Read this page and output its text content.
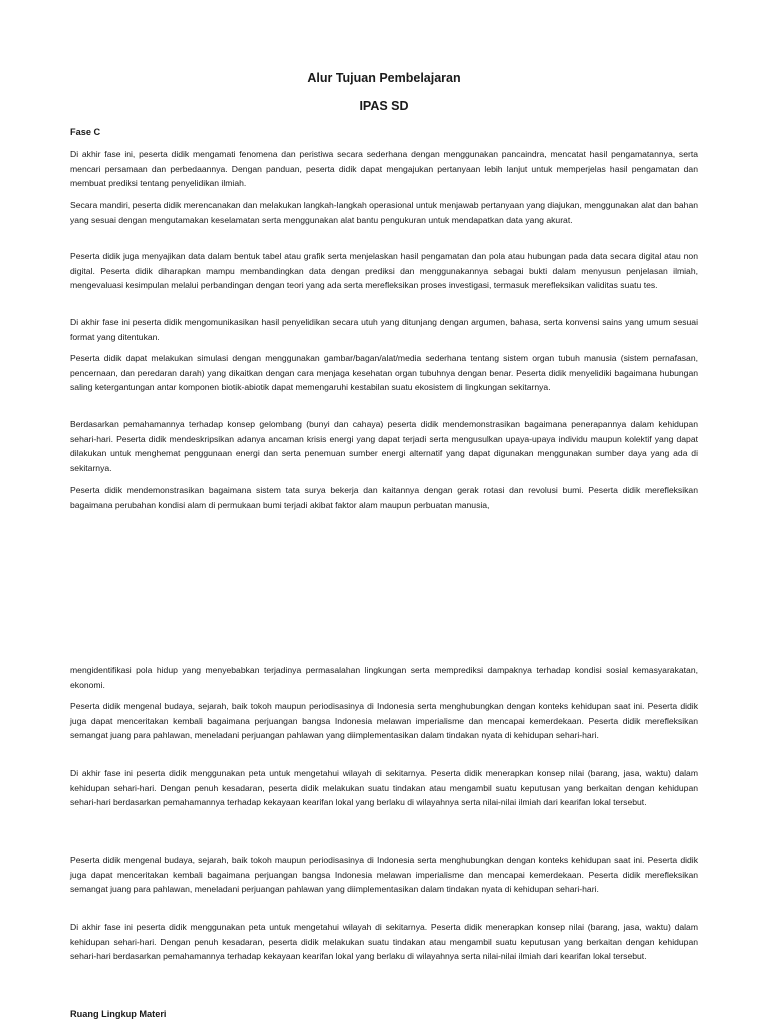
Alur Tujuan Pembelajaran
IPAS SD
Fase C

Di akhir fase ini, peserta didik mengamati fenomena dan peristiwa secara sederhana dengan menggunakan pancaindra, mencatat hasil pengamatannya, serta mencari persamaan dan perbedaannya. Dengan panduan, peserta didik dapat mengajukan pertanyaan lebih lanjut untuk memperjelas hasil pengamatan dan membuat prediksi tentang penyelidikan ilmiah.

Secara mandiri, peserta didik merencanakan dan melakukan langkah-langkah operasional untuk menjawab pertanyaan yang diajukan, menggunakan alat dan bahan yang sesuai dengan mengutamakan keselamatan serta menggunakan alat bantu pengukuran untuk mendapatkan data yang akurat.

Peserta didik juga menyajikan data dalam bentuk tabel atau grafik serta menjelaskan hasil pengamatan dan pola atau hubungan pada data secara digital atau non digital. Peserta didik diharapkan mampu membandingkan data dengan prediksi dan menggunakannya sebagai bukti dalam menyusun penjelasan ilmiah, mengevaluasi kesimpulan melalui perbandingan dengan teori yang ada serta merefleksikan proses investigasi, termasuk merefleksikan validitas suatu tes.

Di akhir fase ini peserta didik mengomunikasikan hasil penyelidikan secara utuh yang ditunjang dengan argumen, bahasa, serta konvensi sains yang umum sesuai format yang ditentukan.

Peserta didik dapat melakukan simulasi dengan menggunakan gambar/bagan/alat/media sederhana tentang sistem organ tubuh manusia (sistem pernafasan, pencernaan, dan peredaran darah) yang dikaitkan dengan cara menjaga kesehatan organ tubuhnya dengan benar. Peserta didik menyelidiki bagaimana hubungan saling ketergantungan antar komponen biotik-abiotik dapat memengaruhi kestabilan suatu ekosistem di lingkungan sekitarnya.

Berdasarkan pemahamannya terhadap konsep gelombang (bunyi dan cahaya) peserta didik mendemonstrasikan bagaimana penerapannya dalam kehidupan sehari-hari. Peserta didik mendeskripsikan adanya ancaman krisis energi yang dapat terjadi serta mengusulkan upaya-upaya individu maupun kolektif yang dapat dilakukan untuk menghemat penggunaan energi dan serta penemuan sumber energi alternatif yang dapat digunakan menggunakan sumber daya yang ada di sekitarnya.

Peserta didik mendemonstrasikan bagaimana sistem tata surya bekerja dan kaitannya dengan gerak rotasi dan revolusi bumi. Peserta didik merefleksikan bagaimana perubahan kondisi alam di permukaan bumi terjadi akibat faktor alam maupun perbuatan manusia,

mengidentifikasi pola hidup yang menyebabkan terjadinya permasalahan lingkungan serta memprediksi dampaknya terhadap kondisi sosial kemasyarakatan, ekonomi.

Peserta didik mengenal budaya, sejarah, baik tokoh maupun periodisasinya di Indonesia serta menghubungkan dengan konteks kehidupan saat ini. Peserta didik juga dapat menceritakan kembali bagaimana perjuangan bangsa Indonesia melawan imperialisme dan mencapai kemerdekaan. Peserta didik merefleksikan semangat juang para pahlawan, meneladani perjuangan pahlawan yang diimplementasikan dalam tindakan nyata di kehidupan sehari-hari.

Di akhir fase ini peserta didik menggunakan peta untuk mengetahui wilayah di sekitarnya. Peserta didik menerapkan konsep nilai (barang, jasa, waktu) dalam kehidupan sehari-hari. Dengan penuh kesadaran, peserta didik melakukan suatu tindakan atau mengambil suatu keputusan yang berkaitan dengan kehidupan sehari-hari berdasarkan pemahamannya terhadap kekayaan kearifan lokal yang berlaku di wilayahnya serta nilai-nilai ilmiah dari kearifan lokal tersebut.

Peserta didik mengenal budaya, sejarah, baik tokoh maupun periodisasinya di Indonesia serta menghubungkan dengan konteks kehidupan saat ini. Peserta didik juga dapat menceritakan kembali bagaimana perjuangan bangsa Indonesia melawan imperialisme dan mencapai kemerdekaan. Peserta didik merefleksikan semangat juang para pahlawan, meneladani perjuangan pahlawan yang diimplementasikan dalam tindakan nyata di kehidupan sehari-hari.

Di akhir fase ini peserta didik menggunakan peta untuk mengetahui wilayah di sekitarnya. Peserta didik menerapkan konsep nilai (barang, jasa, waktu) dalam kehidupan sehari-hari. Dengan penuh kesadaran, peserta didik melakukan suatu tindakan atau mengambil suatu keputusan yang berkaitan dengan kehidupan sehari-hari berdasarkan pemahamannya terhadap kekayaan kearifan lokal yang berlaku di wilayahnya serta nilai-nilai ilmiah dari kearifan lokal tersebut.

Ruang Lingkup Materi
